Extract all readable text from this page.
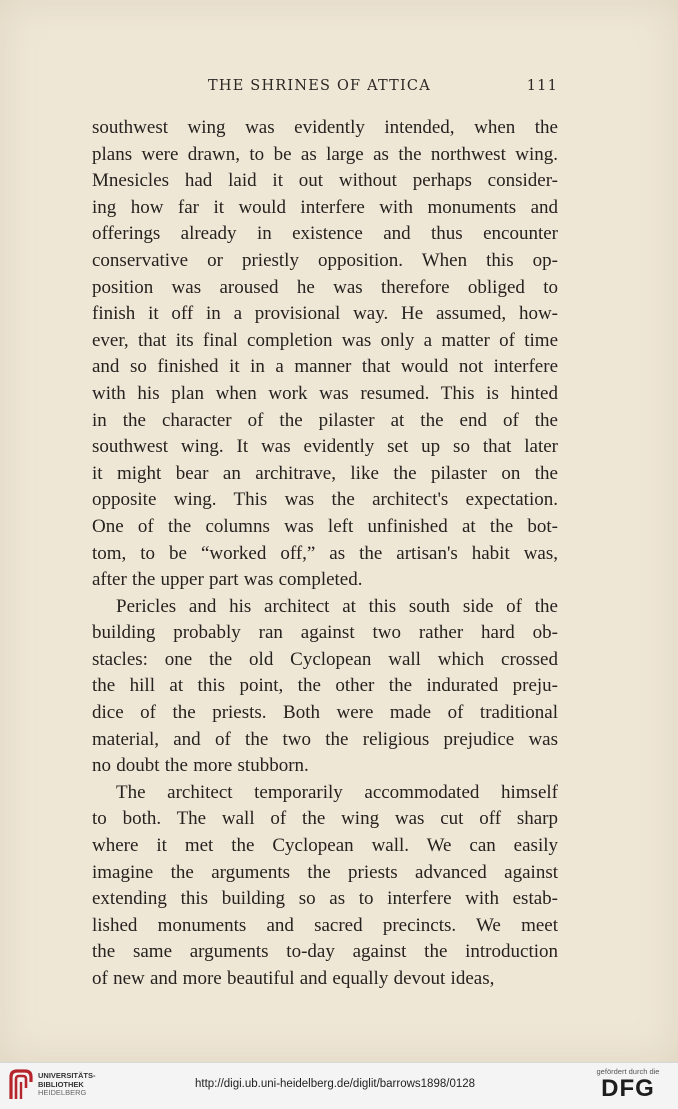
THE SHRINES OF ATTICA	111

southwest wing was evidently intended, when the

plans were drawn, to be as large as the northwest wing.

Mnesicles had laid it out without perhaps consider-

ing how far it would interfere with monuments and

offerings already in existence and thus encounter

conservative or priestly opposition. When this op-

position was aroused he was therefore obliged to

finish it off in a provisional way. He assumed, how-

ever, that its final completion was only a matter of time

and so finished it in a manner that would not interfere

with his plan when work was resumed. This is hinted

in the character of the pilaster at the end of the

southwest wing. It was evidently set up so that later

it might bear an architrave, like the pilaster on the

opposite wing. This was the architect's expectation.

One of the columns was left unfinished at the bot-

tom, to be “worked off,” as the artisan's habit was,

after the upper part was completed.

Pericles and his architect at this south side of the

building probably ran against two rather hard ob-

stacles: one the old Cyclopean wall which crossed

the hill at this point, the other the indurated preju-

dice of the priests. Both were made of traditional

material, and of the two the religious prejudice was

no doubt the more stubborn.

The architect temporarily accommodated himself

to both. The wall of the wing was cut off sharp

where it met the Cyclopean wall. We can easily

imagine the arguments the priests advanced against

extending this building so as to interfere with estab-

lished monuments and sacred precincts. We meet

the same arguments to-day against the introduction

of new and more beautiful and equally devout ideas,

UNIVERSITÄTS-
BIBLIOTHEK
HEIDELBERG
http://digi.ub.uni-heidelberg.de/diglit/barrows1898/0128
gefördert durch die
DFG
